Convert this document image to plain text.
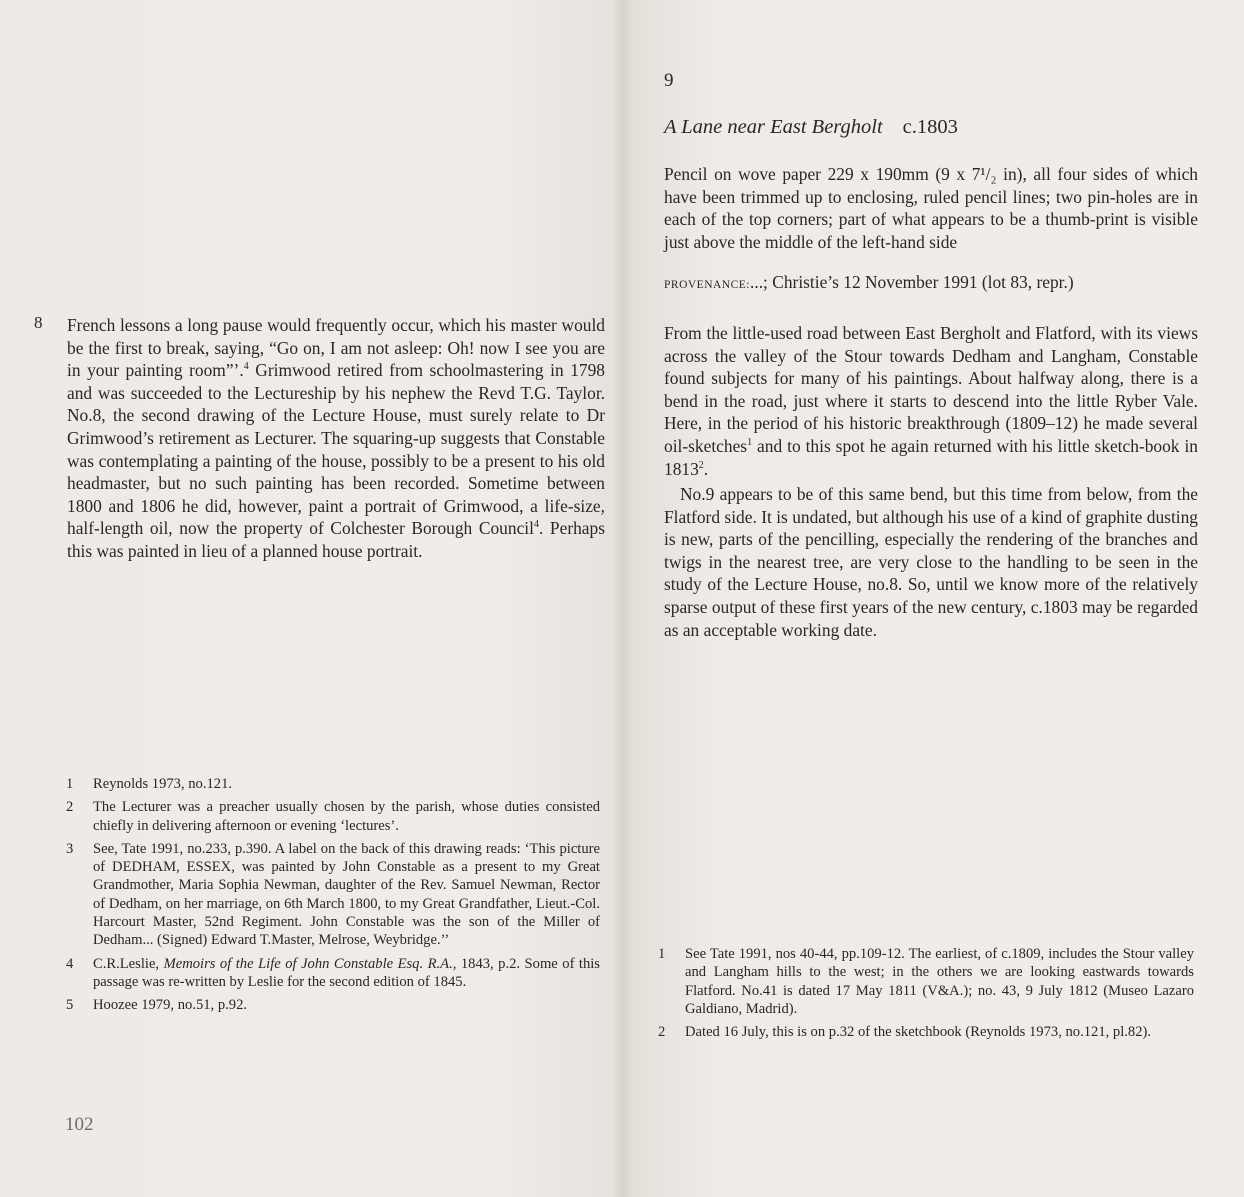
8 French lessons a long pause would frequently occur, which his master would be the first to break, saying, “Go on, I am not asleep: Oh! now I see you are in your painting room”’.$^4$ Grimwood retired from schoolmastering in 1798 and was succeeded to the Lectureship by his nephew the Revd T.G. Taylor. No.8, the second drawing of the Lecture House, must surely relate to Dr Grimwood’s retirement as Lecturer. The squaring-up suggests that Constable was contemplating a painting of the house, possibly to be a present to his old headmaster, but no such painting has been recorded. Sometime between 1800 and 1806 he did, however, paint a portrait of Grimwood, a life-size, half-length oil, now the property of Colchester Borough Council$^4$. Perhaps this was painted in lieu of a planned house portrait.

1	Reynolds 1973, no.121.
2	The Lecturer was a preacher usually chosen by the parish, whose duties consisted chiefly in delivering afternoon or evening ‘lectures’.
3	See, Tate 1991, no.233, p.390. A label on the back of this drawing reads: ‘This picture of DEDHAM, ESSEX, was painted by John Constable as a present to my Great Grandmother, Maria Sophia Newman, daughter of the Rev. Samuel Newman, Rector of Dedham, on her marriage, on 6th March 1800, to my Great Grandfather, Lieut.-Col. Harcourt Master, 52nd Regiment. John Constable was the son of the Miller of Dedham... (Signed) Edward T.Master, Melrose, Weybridge.’’
4	C.R.Leslie, Memoirs of the Life of John Constable Esq. R.A., 1843, p.2. Some of this passage was re-written by Leslie for the second edition of 1845.
5	Hoozee 1979, no.51, p.92.
102
9
A Lane near East Bergholt c.1803

Pencil on wove paper 229 x 190mm (9 x 7¹/₂ in), all four sides of which have been trimmed up to enclosing, ruled pencil lines; two pin-holes are in each of the top corners; part of what appears to be a thumb-print is visible just above the middle of the left-hand side

PROVENANCE:...; Christie’s 12 November 1991 (lot 83, repr.)

From the little-used road between East Bergholt and Flatford, with its views across the valley of the Stour towards Dedham and Langham, Constable found subjects for many of his paintings. About halfway along, there is a bend in the road, just where it starts to descend into the little Ryber Vale. Here, in the period of his historic breakthrough (1809–12) he made several oil-sketches$^1$ and to this spot he again returned with his little sketch-book in 1813$^2$.

No.9 appears to be of this same bend, but this time from below, from the Flatford side. It is undated, but although his use of a kind of graphite dusting is new, parts of the pencilling, especially the rendering of the branches and twigs in the nearest tree, are very close to the handling to be seen in the study of the Lecture House, no.8. So, until we know more of the relatively sparse output of these first years of the new century, c.1803 may be regarded as an acceptable working date.

1	See Tate 1991, nos 40-44, pp.109-12. The earliest, of c.1809, includes the Stour valley and Langham hills to the west; in the others we are looking eastwards towards Flatford. No.41 is dated 17 May 1811 (V&A.); no. 43, 9 July 1812 (Museo Lazaro Galdiano, Madrid).
2	Dated 16 July, this is on p.32 of the sketchbook (Reynolds 1973, no.121, pl.82).
